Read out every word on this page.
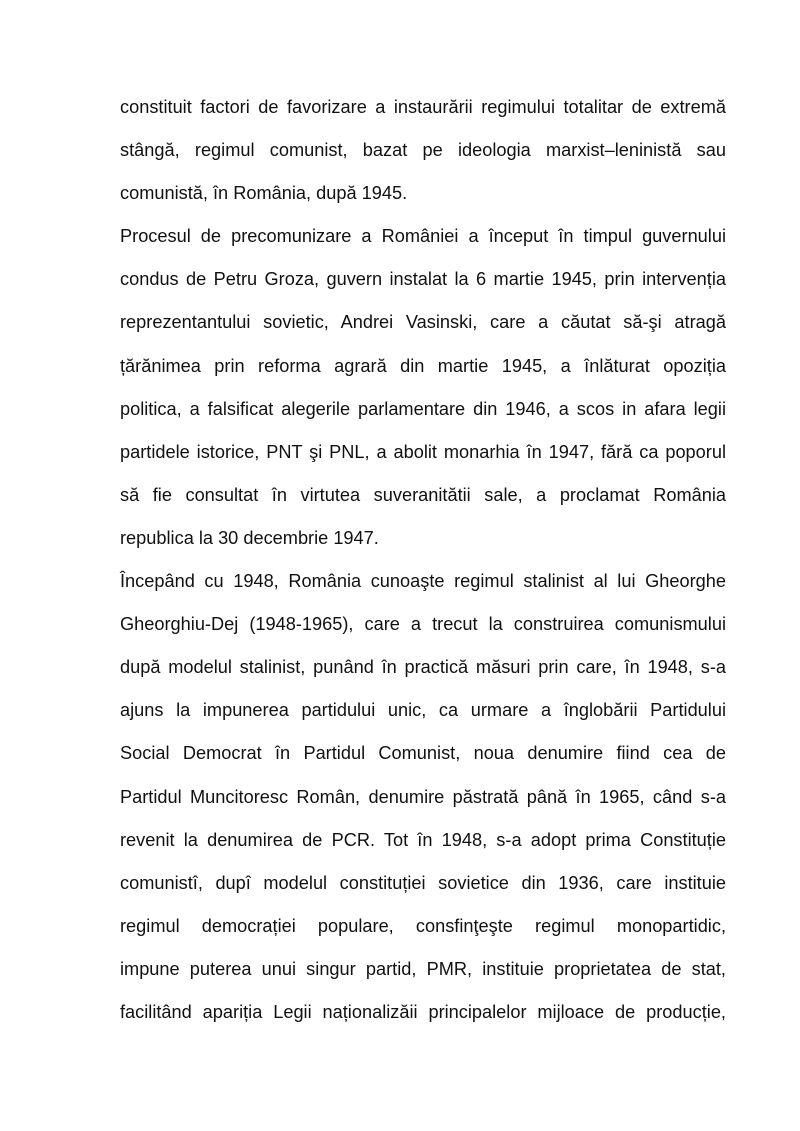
constituit factori de favorizare a instaurării regimului totalitar de extremă
stângă, regimul comunist, bazat pe ideologia marxist–leninistă sau
comunistă, în România, după 1945.
Procesul de precomunizare a României a început în timpul guvernului
condus de Petru Groza, guvern instalat la 6 martie 1945, prin intervenția
reprezentantului sovietic, Andrei Vasinski, care a căutat să-şi atragă
țărănimea prin reforma agrară din martie 1945, a înlăturat opoziția
politica, a falsificat alegerile parlamentare din 1946, a scos in afara legii
partidele istorice, PNT şi PNL, a abolit monarhia în 1947, fără ca poporul
să fie consultat în virtutea suveranitătii sale, a proclamat România
republica la 30 decembrie 1947.
Începând cu 1948, România cunoaşte regimul stalinist al lui Gheorghe
Gheorghiu-Dej (1948-1965), care a trecut la construirea comunismului
după modelul stalinist, punând în practică măsuri prin care, în 1948, s-a
ajuns la impunerea partidului unic, ca urmare a înglobării Partidului
Social Democrat în Partidul Comunist, noua denumire fiind cea de
Partidul Muncitoresc Român, denumire păstrată până în 1965, când s-a
revenit la denumirea de PCR. Tot în 1948, s-a adopt prima Constituție
comunistî, dupî modelul constituției sovietice din 1936, care instituie
regimul democrației populare, consfinţeşte regimul monopartidic,
impune puterea unui singur partid, PMR, instituie proprietatea de stat,
facilitând apariția Legii naționalizăii principalelor mijloace de producție,
